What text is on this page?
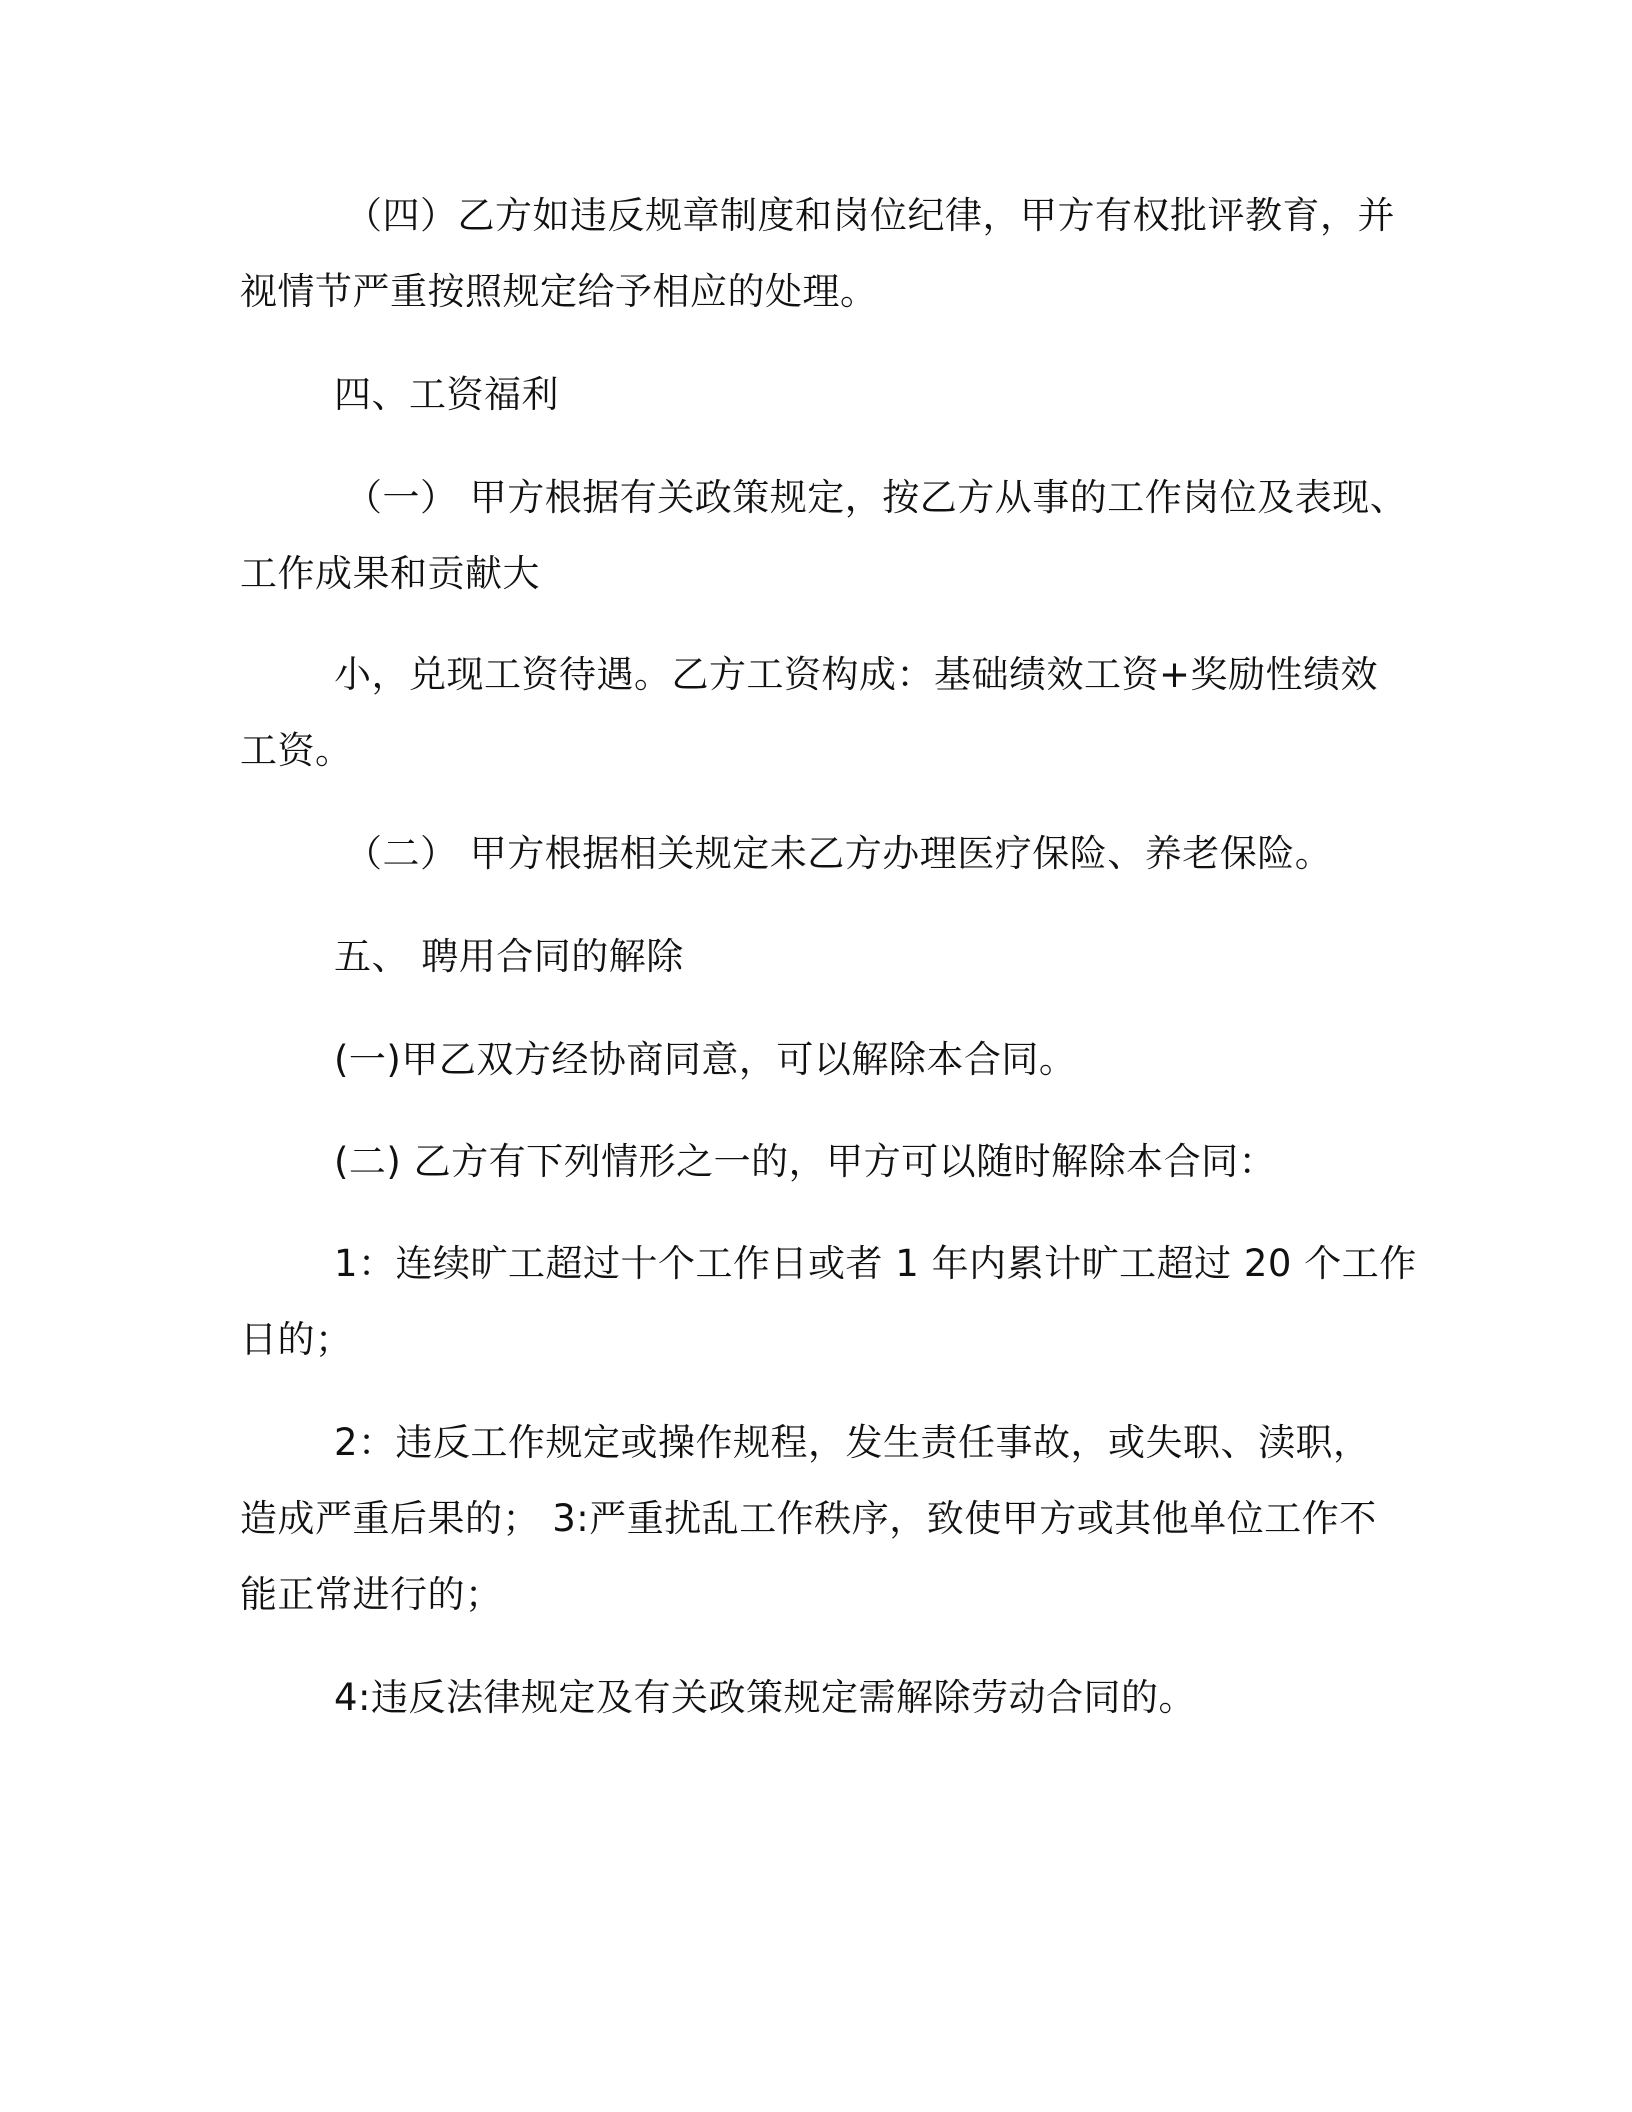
（四）乙方如违反规章制度和岗位纪律，甲方有权批评教育，并
视情节严重按照规定给予相应的处理。
四、工资福利
（一） 甲方根据有关政策规定，按乙方从事的工作岗位及表现、
工作成果和贡献大
小，兑现工资待遇。乙方工资构成：基础绩效工资+奖励性绩效
工资。
（二） 甲方根据相关规定未乙方办理医疗保险、养老保险。
五、 聘用合同的解除
(一)甲乙双方经协商同意，可以解除本合同。
(二) 乙方有下列情形之一的，甲方可以随时解除本合同：
1：连续旷工超过十个工作日或者 1 年内累计旷工超过 20 个工作
日的；
2：违反工作规定或操作规程，发生责任事故，或失职、渎职，
造成严重后果的； 3:严重扰乱工作秩序，致使甲方或其他单位工作不
能正常进行的；
4:违反法律规定及有关政策规定需解除劳动合同的。
